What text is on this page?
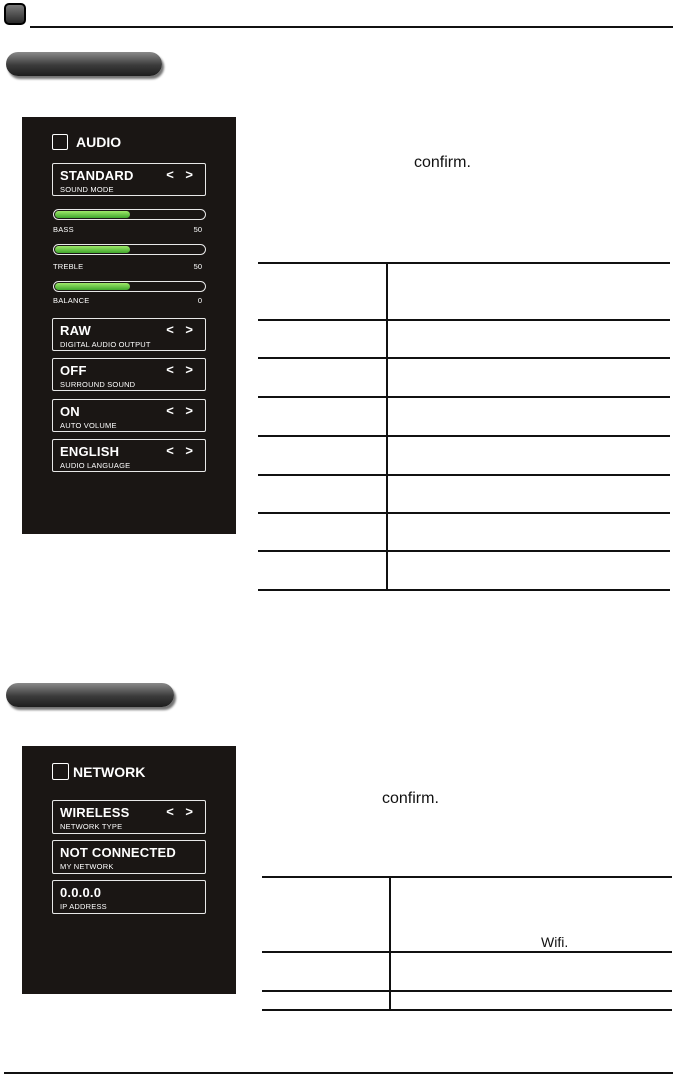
AUDIO
STANDARD
SOUND MODE
< >
BASS	50
TREBLE	50
BALANCE	0
RAW
DIGITAL AUDIO OUTPUT
< >
OFF
SURROUND SOUND
< >
ON
AUTO VOLUME
< >
ENGLISH
AUDIO LANGUAGE
< >
confirm.
NETWORK
WIRELESS
NETWORK TYPE
< >
NOT CONNECTED
MY NETWORK
0.0.0.0
IP ADDRESS
confirm.
Wifi.
